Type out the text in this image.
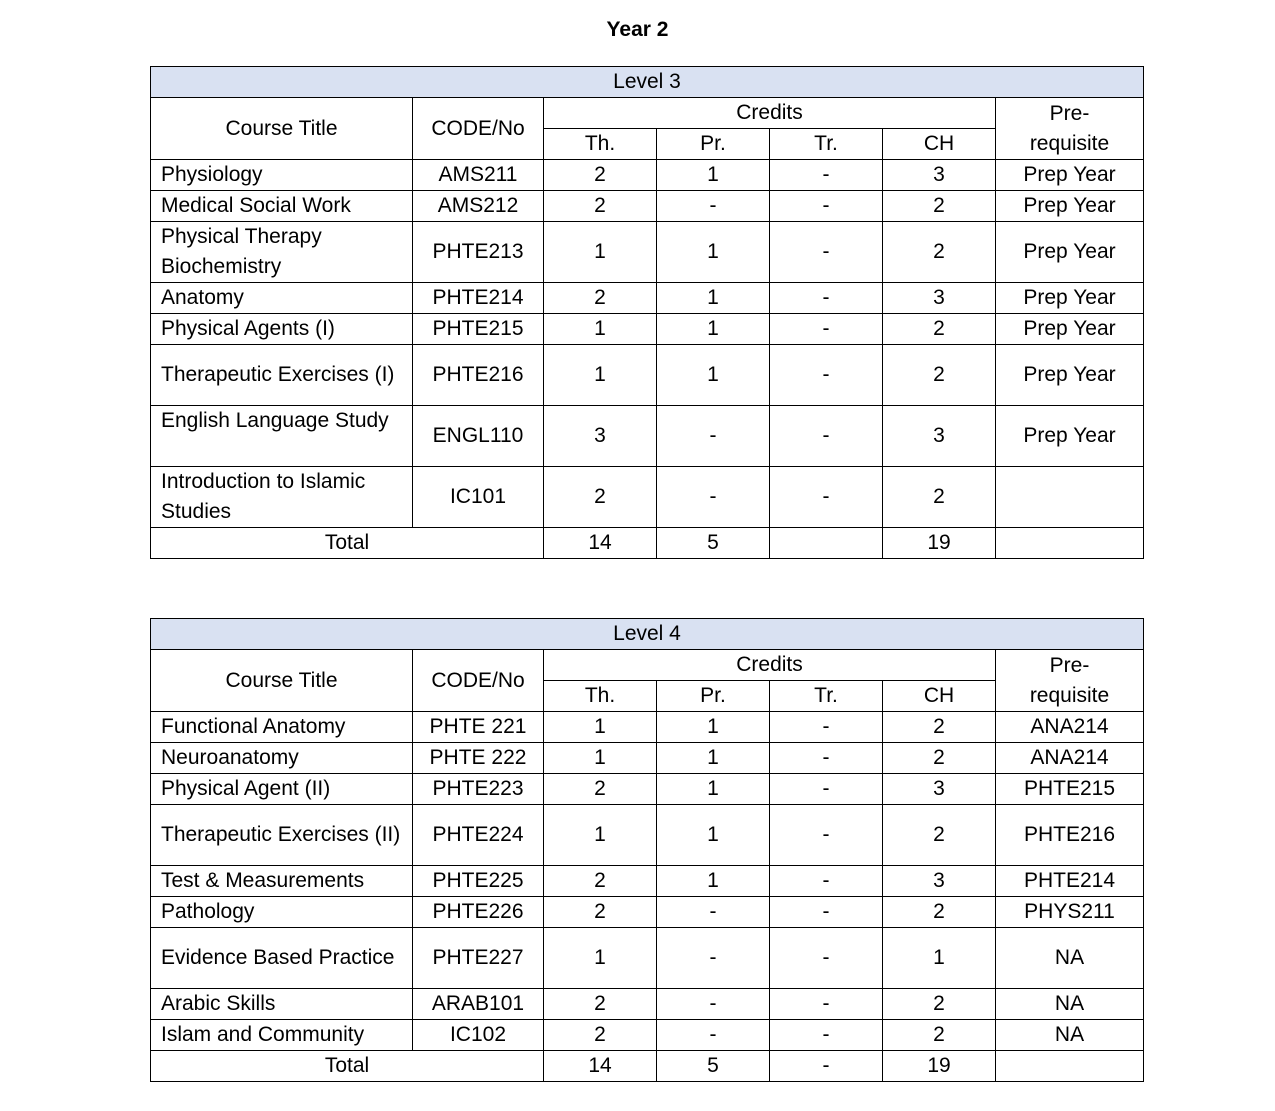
Year 2
Level 3						
Course Title	CODE/No	Credits				Pre-
requisite
		Th.	Pr.	Tr.	CH	
Physiology	AMS211	2	1	-	3	Prep Year
Medical Social Work	AMS212	2	-	-	2	Prep Year
Physical Therapy Biochemistry	PHTE213	1	1	-	2	Prep Year
Anatomy	PHTE214	2	1	-	3	Prep Year
Physical Agents (I)	PHTE215	1	1	-	2	Prep Year
Therapeutic Exercises (I)	PHTE216	1	1	-	2	Prep Year
English Language Study	ENGL110	3	-	-	3	Prep Year
Introduction to Islamic Studies	IC101	2	-	-	2	
Total		14	5		19	
Level 4						
Course Title	CODE/No	Credits				Pre-
requisite
		Th.	Pr.	Tr.	CH	
Functional Anatomy	PHTE 221	1	1	-	2	ANA214
Neuroanatomy	PHTE 222	1	1	-	2	ANA214
Physical Agent (II)	PHTE223	2	1	-	3	PHTE215
Therapeutic Exercises (II)	PHTE224	1	1	-	2	PHTE216
Test & Measurements	PHTE225	2	1	-	3	PHTE214
Pathology	PHTE226	2	-	-	2	PHYS211
Evidence Based Practice	PHTE227	1	-	-	1	NA
Arabic Skills	ARAB101	2	-	-	2	NA
Islam and Community	IC102	2	-	-	2	NA
Total		14	5	-	19	
